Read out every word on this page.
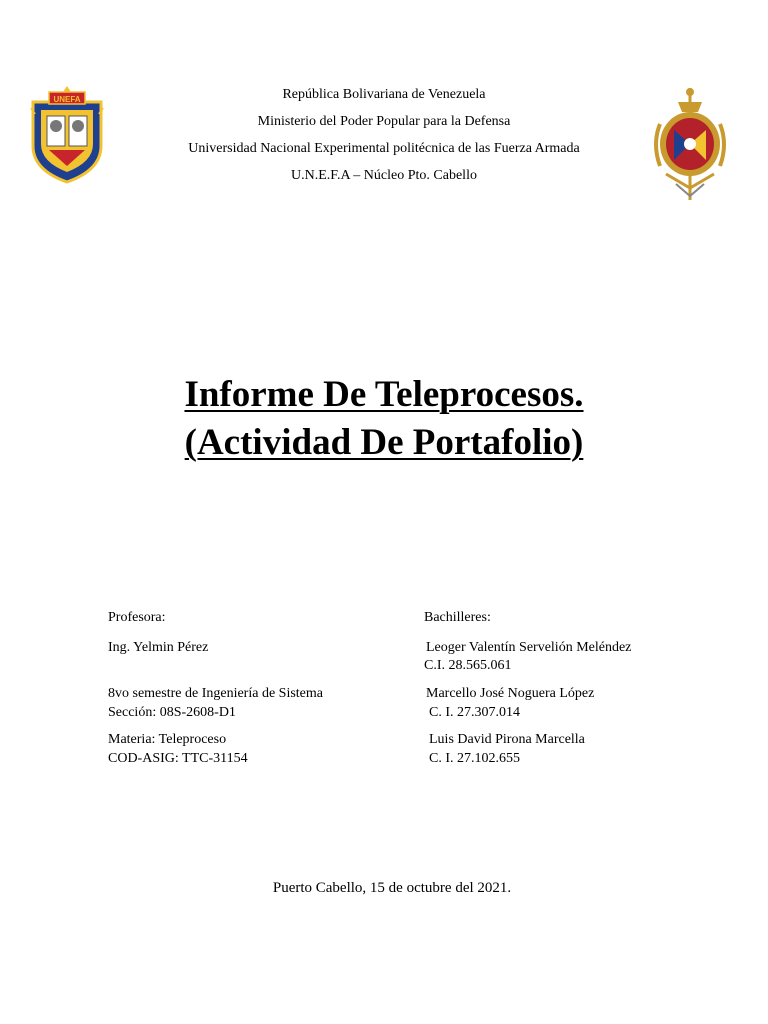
UNEFA	República Bolivariana de Venezuela
Ministerio del Poder Popular para la Defensa
Universidad Nacional Experimental politécnica de las Fuerza Armada
U.N.E.F.A – Núcleo Pto. Cabello
Informe De Teleprocesos.
(Actividad De Portafolio)
Profesora:
Ing. Yelmin Pérez
8vo semestre de Ingeniería de Sistema
Sección: 08S-2608-D1
Materia: Teleproceso
COD-ASIG: TTC-31154
Bachilleres:
Leoger Valentín Servelión Meléndez
C.I. 28.565.061
Marcello José Noguera López
C. I. 27.307.014
Luis David Pirona Marcella
C. I. 27.102.655
Puerto Cabello, 15 de octubre del 2021.
